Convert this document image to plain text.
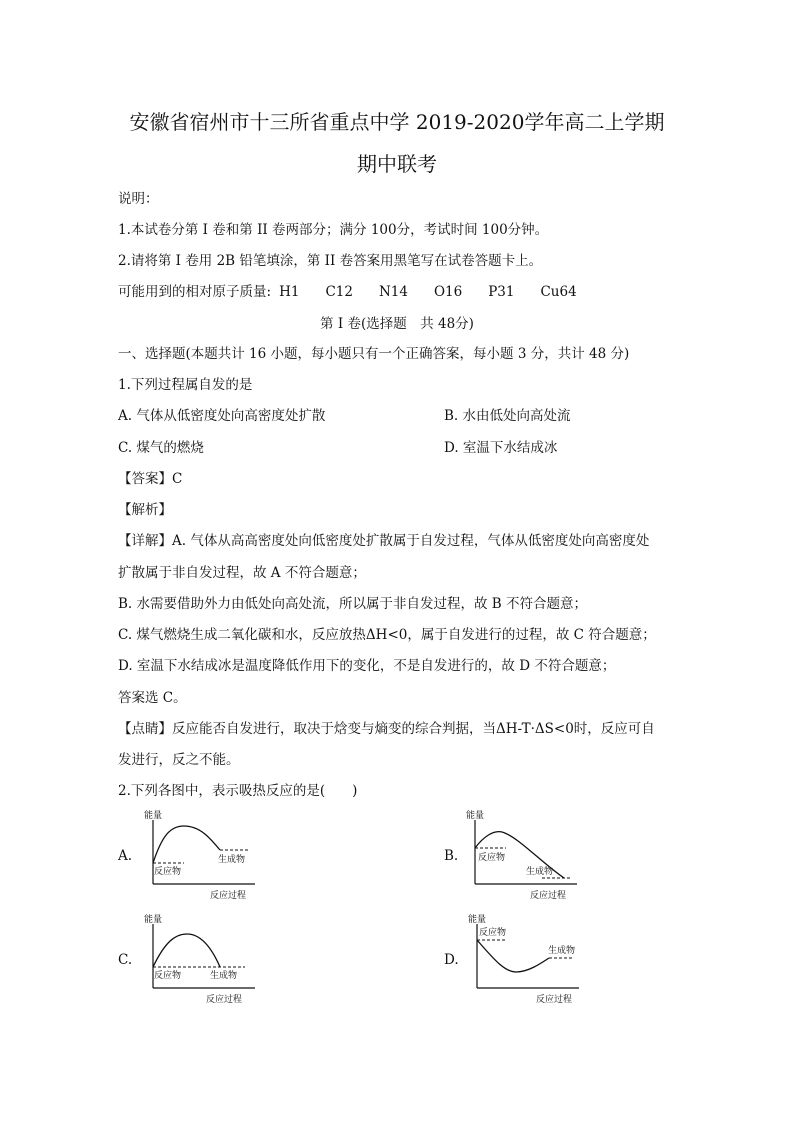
安徽省宿州市十三所省重点中学 2019-2020学年高二上学期
期中联考
说明：
1.本试卷分第 I 卷和第 II 卷两部分；满分 100分，考试时间 100分钟。
2.请将第 I 卷用 2B 铅笔填涂，第 II 卷答案用黑笔写在试卷答题卡上。
可能用到的相对原子质量: H1 C12 N14 O16 P31 Cu64
第 I 卷(选择题　共 48分)
一、选择题(本题共计 16 小题，每小题只有一个正确答案，每小题 3 分，共计 48 分)
1.下列过程属自发的是
A. 气体从低密度处向高密度处扩散	B. 水由低处向高处流
C. 煤气的燃烧	D. 室温下水结成冰
【答案】C
【解析】
【详解】A. 气体从高高密度处向低密度处扩散属于自发过程，气体从低密度处向高密度处
扩散属于非自发过程，故 A 不符合题意；
B. 水需要借助外力由低处向高处流，所以属于非自发过程，故 B 不符合题意；
C. 煤气燃烧生成二氧化碳和水，反应放热ΔH<0，属于自发进行的过程，故 C 符合题意；
D. 室温下水结成冰是温度降低作用下的变化，不是自发进行的，故 D 不符合题意；
答案选 C。
【点睛】反应能否自发进行，取决于焓变与熵变的综合判据，当ΔH-T·ΔS<0时，反应可自
发进行，反之不能。
2.下列各图中，表示吸热反应的是(　　)
A.
能量
反应物
生成物
反应过程
B.
能量
反应物
生成物
反应过程
C.
能量
反应物	生成物
反应过程
D.
能量
反应物
生成物
反应过程
